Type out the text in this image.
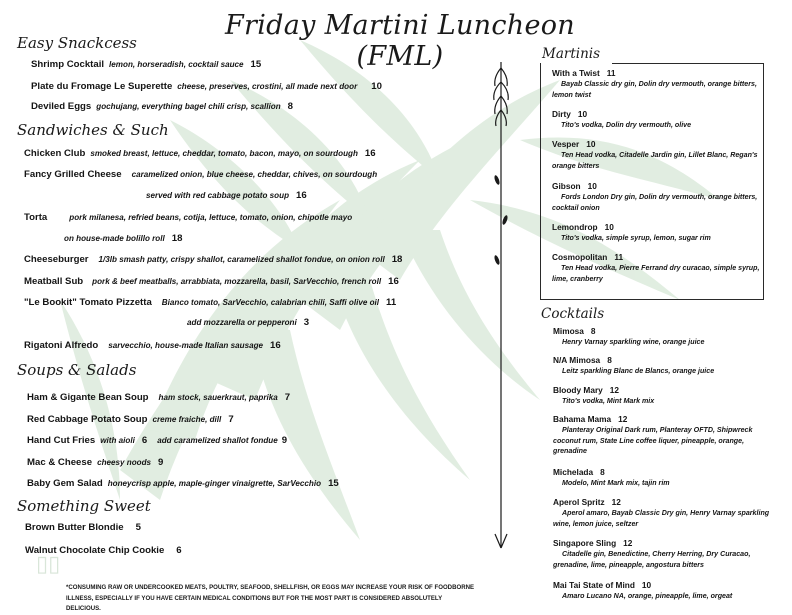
Friday Martini Luncheon (FML)
Easy Snackcess
Shrimp Cocktail lemon, horseradish, cocktail sauce 15
Plate du Fromage Le Superette cheese, preserves, crostini, all made next door 10
Deviled Eggs gochujang, everything bagel chili crisp, scallion 8
Sandwiches & Such
Chicken Club smoked breast, lettuce, cheddar, tomato, bacon, mayo, on sourdough 16
Fancy Grilled Cheese caramelized onion, blue cheese, cheddar, chives, on sourdough
served with red cabbage potato soup 16
Torta	pork milanesa, refried beans, cotija, lettuce, tomato, onion, chipotle mayo
on house-made bolillo roll 18
Cheeseburger 1/3lb smash patty, crispy shallot, caramelized shallot fondue, on onion roll 18
Meatball Sub pork & beef meatballs, arrabbiata, mozzarella, basil, SarVecchio, french roll 16
"Le Bookit" Tomato Pizzetta Bianco tomato, SarVecchio, calabrian chili, Saffi olive oil 11
add mozzarella or pepperoni 3
Rigatoni Alfredo sarvecchio, house-made Italian sausage 16
Soups & Salads
Ham & Gigante Bean Soup ham stock, sauerkraut, paprika 7
Red Cabbage Potato Soup creme fraiche, dill 7
Hand Cut Fries with aioli 6 add caramelized shallot fondue 9
Mac & Cheese cheesy noods 9
Baby Gem Salad honeycrisp apple, maple-ginger vinaigrette, SarVecchio 15
Something Sweet
Brown Butter Blondie 5
Walnut Chocolate Chip Cookie 6
▯▯
Martinis
With a Twist 11
Bayab Classic dry gin, Dolin dry vermouth, orange bitters, lemon twist
Dirty 10
Tito's vodka, Dolin dry vermouth, olive
Vesper 10
Ten Head vodka, Citadelle Jardin gin, Lillet Blanc, Regan's orange bitters
Gibson 10
Fords London Dry gin, Dolin dry vermouth, orange bitters, cocktail onion
Lemondrop 10
Tito's vodka, simple syrup, lemon, sugar rim
Cosmopolitan 11
Ten Head vodka, Pierre Ferrand dry curacao, simple syrup, lime, cranberry
Cocktails
Mimosa 8
Henry Varnay sparkling wine, orange juice
N/A Mimosa 8
Leitz sparkling Blanc de Blancs, orange juice
Bloody Mary 12
Tito's vodka, Mint Mark mix
Bahama Mama 12
Planteray Original Dark rum, Planteray OFTD, Shipwreck coconut rum, State Line coffee liquer, pineapple, orange, grenadine
Michelada 8
Modelo, Mint Mark mix, tajin rim
Aperol Spritz 12
Aperol amaro, Bayab Classic Dry gin, Henry Varnay sparkling wine, lemon juice, seltzer
Singapore Sling 12
Citadelle gin, Benedictine, Cherry Herring, Dry Curacao, grenadine, lime, pineapple, angostura bitters
Mai Tai State of Mind 10
Amaro Lucano NA, orange, pineapple, lime, orgeat
*CONSUMING RAW OR UNDERCOOKED MEATS, POULTRY, SEAFOOD, SHELLFISH, OR EGGS MAY INCREASE YOUR RISK OF FOODBORNE
ILLNESS, ESPECIALLY IF YOU HAVE CERTAIN MEDICAL CONDITIONS BUT FOR THE MOST PART IS CONSIDERED ABSOLUTELY DELICIOUS.
